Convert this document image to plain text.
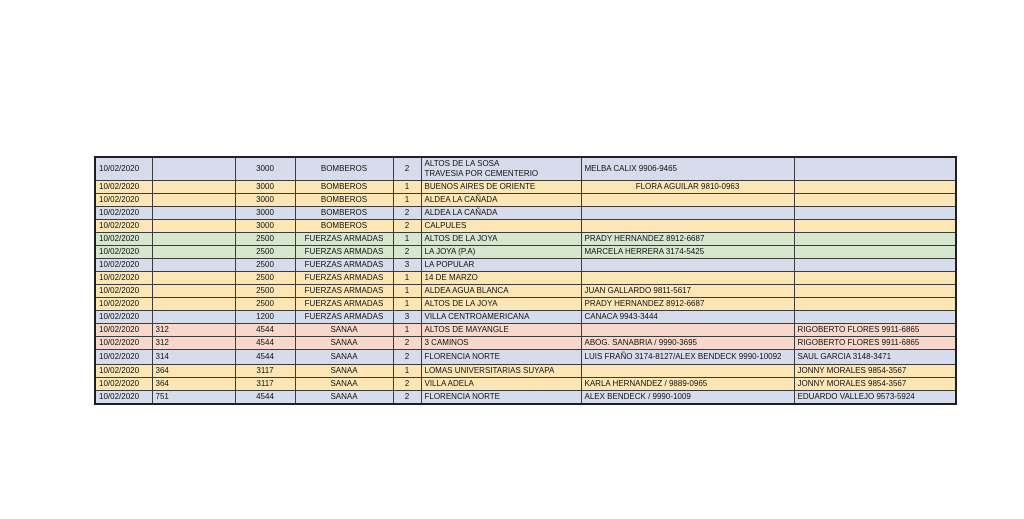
10/02/2020		3000	BOMBEROS	2	ALTOS DE LA SOSA
TRAVESIA POR CEMENTERIO	MELBA CALIX 9906-9465	
10/02/2020		3000	BOMBEROS	1	BUENOS AIRES DE ORIENTE	FLORA AGUILAR 9810-0963	
10/02/2020		3000	BOMBEROS	1	ALDEA LA CAÑADA		

10/02/2020		3000	BOMBEROS	2	ALDEA LA CAÑADA		

10/02/2020		3000	BOMBEROS	2	CALPULES		

10/02/2020		2500	FUERZAS ARMADAS	1	ALTOS DE LA JOYA	PRADY HERNANDEZ 8912-6687	
10/02/2020		2500	FUERZAS ARMADAS	2	LA JOYA (P.A)	MARCELA HERRERA 3174-5425	
10/02/2020		2500	FUERZAS ARMADAS	3	LA POPULAR		

10/02/2020		2500	FUERZAS ARMADAS	1	14 DE MARZO		

10/02/2020		2500	FUERZAS ARMADAS	1	ALDEA AGUA BLANCA	JUAN GALLARDO 9811-5617	
10/02/2020		2500	FUERZAS ARMADAS	1	ALTOS DE LA JOYA	PRADY HERNANDEZ 8912-6687	
10/02/2020		1200	FUERZAS ARMADAS	3	VILLA CENTROAMERICANA	CANACA 9943-3444	
10/02/2020	312	4544	SANAA	1	ALTOS DE MAYANGLE		RIGOBERTO FLORES 9911-6865
10/02/2020	312	4544	SANAA	2	3 CAMINOS	ABOG. SANABRIA / 9990-3695	RIGOBERTO FLORES 9911-6865
10/02/2020	314	4544	SANAA	2	FLORENCIA NORTE	LUIS FRAÑO 3174-8127/ALEX BENDECK 9990-10092	SAUL GARCIA 3148-3471
10/02/2020	364	3117	SANAA	1	LOMAS UNIVERSITARIAS SUYAPA		JONNY MORALES 9854-3567
10/02/2020	364	3117	SANAA	2	VILLA ADELA	KARLA HERNANDEZ / 9889-0965	JONNY MORALES 9854-3567
10/02/2020	751	4544	SANAA	2	FLORENCIA NORTE	ALEX BENDECK / 9990-1009	EDUARDO VALLEJO 9573-5924
